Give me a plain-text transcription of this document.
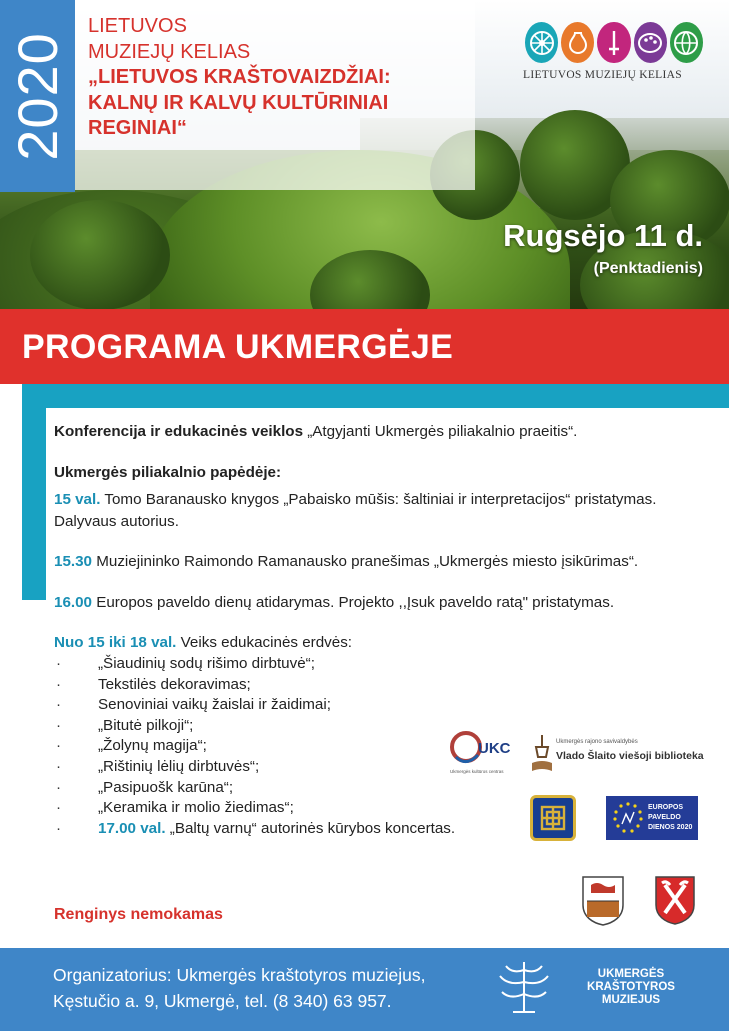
2020
LIETUVOS
MUZIEJŲ KELIAS
„LIETUVOS KRAŠTOVAIZDŽIAI:
KALNŲ IR KALVŲ KULTŪRINIAI
REGINIAI“
LIETUVOS MUZIEJŲ KELIAS
Rugsėjo 11 d.
(Penktadienis)
PROGRAMA UKMERGĖJE

Konferencija ir edukacinės veiklos „Atgyjanti Ukmergės piliakalnio praeitis“.

Ukmergės piliakalnio papėdėje:

15 val. Tomo Baranausko knygos „Pabaisko mūšis: šaltiniai ir interpretacijos“ pristatymas. Dalyvaus autorius.

15.30 Muziejininko Raimondo Ramanausko pranešimas „Ukmergės miesto įsikūrimas“.

16.00 Europos paveldo dienų atidarymas. Projekto ,,Įsuk paveldo ratą" pristatymas.

Nuo 15 iki 18 val. Veiks edukacinės erdvės:

· „Šiaudinių sodų rišimo dirbtuvė“;
· Tekstilės dekoravimas;
· Senoviniai vaikų žaislai ir žaidimai;
· „Bitutė pilkoji“;
· „Žolynų magija“;
· „Rištinių lėlių dirbtuvės“;
· „Pasipuošk karūna“;
· „Keramika ir molio žiedimas“;
· 17.00 val. „Baltų varnų“ autorinės kūrybos koncertas.
Renginys nemokamas
UKC
Ukmergės kultūros centras
Ukmergės rajono savivaldybės
Vlado Šlaito viešoji biblioteka
EUROPOS
PAVELDO
DIENOS 2020
Organizatorius: Ukmergės kraštotyros muziejus,
Kęstučio a. 9, Ukmergė, tel. (8 340) 63 957.
UKMERGĖS
KRAŠTOTYROS
MUZIEJUS
